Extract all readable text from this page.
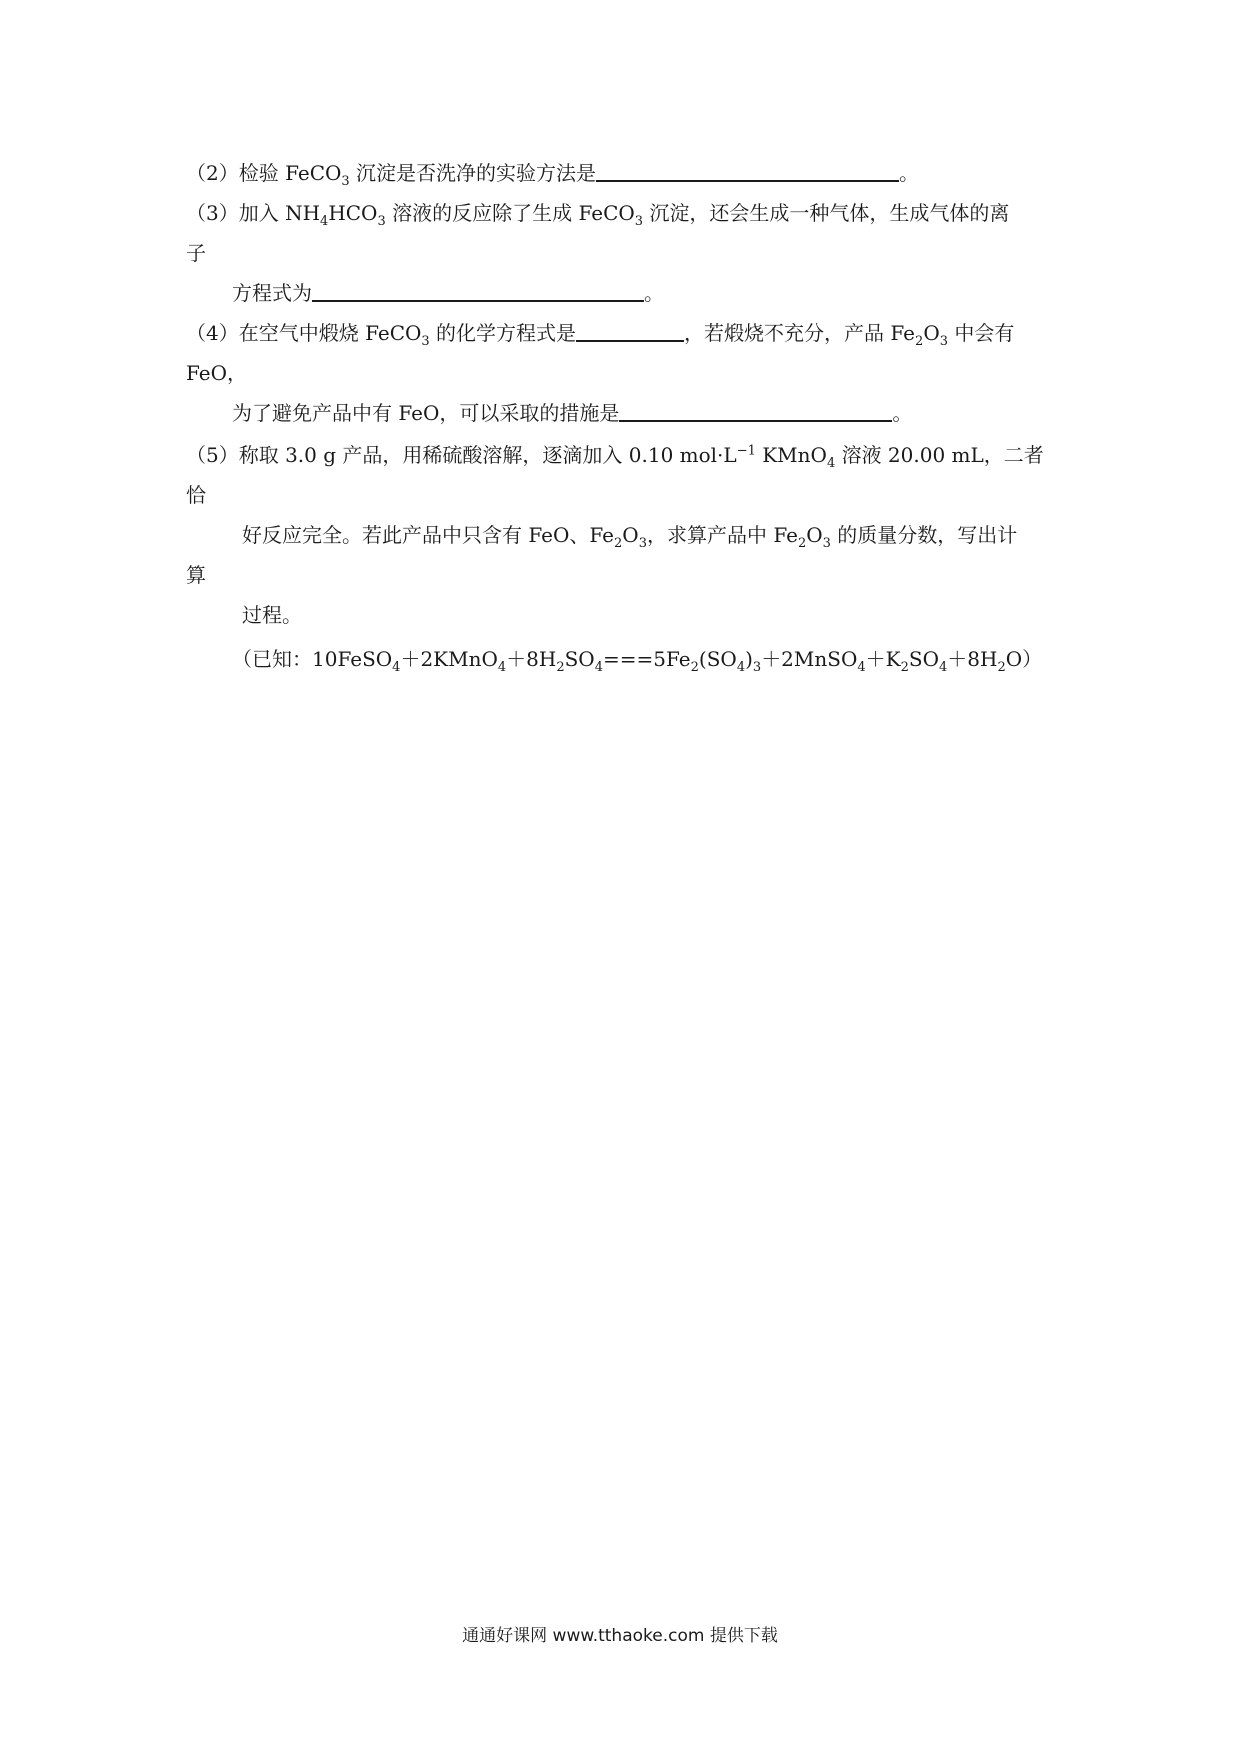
（2）检验 FeCO$_3$ 沉淀是否洗净的实验方法是	。
（3）加入 $NH_4HCO_3$ 溶液的反应除了生成 FeCO$_3$ 沉淀，还会生成一种气体，生成气体的离
子
方程式为	。
（4）在空气中煅烧 FeCO$_3$ 的化学方程式是	，若煅烧不充分，产品 $Fe_2O_3$ 中会有
FeO，
为了避免产品中有 FeO，可以采取的措施是	。
（5）称取 3.0 g 产品，用稀硫酸溶解，逐滴加入 0.10 $mol\cdot L^{-1}$ KMnO$_4$ 溶液 20.00 mL，二者
恰
好反应完全。若此产品中只含有 FeO、$Fe_2O_3$，求算产品中 $Fe_2O_3$ 的质量分数，写出计
算
过程。
（已知：$10FeSO_4+2KMnO_4+8H_2SO_4===5Fe_2(SO_4)_3+2MnSO_4+K_2SO_4+8H_2O$）
通通好课网 www.tthaoke.com 提供下载
